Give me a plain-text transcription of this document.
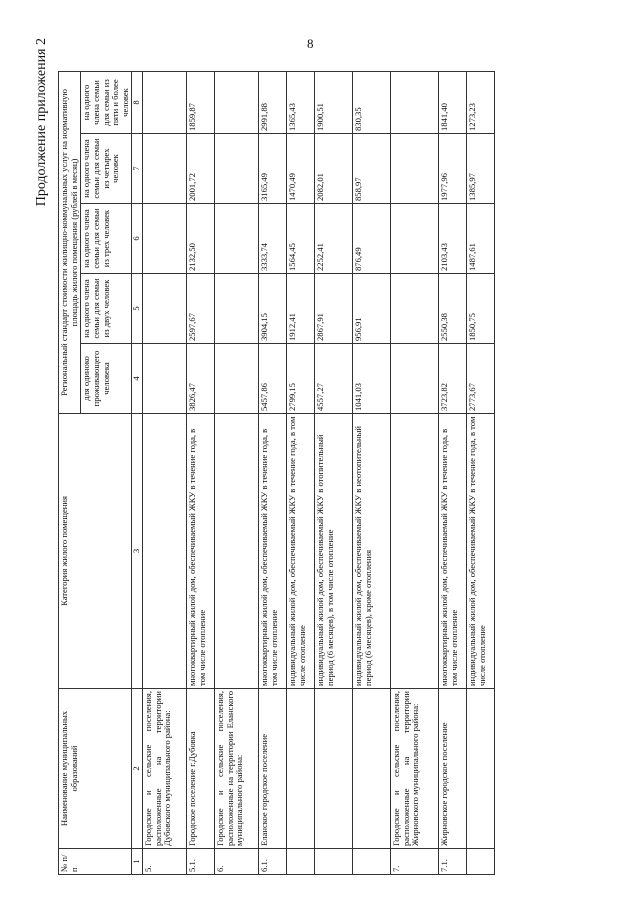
8
Продолжение приложения 2
№ п/п	Наименование муниципальных образований	Категория жилого помещения	Региональный стандарт стоимости жилищно-коммунальных услуг на нормативную площадь жилого помещения (рублей в месяц)				
			для одиноко проживающего человека	на одного члена семьи для семьи из двух человек	на одного члена семьи для семьи из трех человек	на одного члена семьи для семьи из четырех человек	на одного члена семьи для семьи из пяти и более человек
1	2	3	4	5	6	7	8
5.	Городские и сельские поселения, расположенные на территории Дубовского муниципального района:						
5.1.	Городское поселение г.Дубовка	многоквартирный жилой дом, обеспечиваемый ЖКУ в течение года, в том числе отопление	3826,47	2597,67	2132,50	2001,72	1859,87
6.	Городские и сельские поселения, расположенные на территории Еланского муниципального района:						
6.1.	Еланское городское поселение	многоквартирный жилой дом, обеспечиваемый ЖКУ в течение года, в том числе отопление	5457,86	3904,15	3333,74	3165,49	2991,88
		индивидуальный жилой дом, обеспечиваемый ЖКУ в течение года, в том числе отопление	2799,15	1912,41	1564,45	1470,49	1365,43
		индивидуальный жилой дом, обеспечиваемый ЖКУ в отопительный период (6 месяцев), в том числе отопление	4557,27	2867,91	2252,41	2082,01	1900,51
		индивидуальный жилой дом, обеспечиваемый ЖКУ в неотопительный период (6 месяцев), кроме отопления	1041,03	956,91	876,49	858,97	830,35
7.	Городские и сельские поселения, расположенные на территории Жирновского муниципального района:						
7.1.	Жирновское городское поселение	многоквартирный жилой дом, обеспечиваемый ЖКУ в течение года, в том числе отопление	3723,82	2550,38	2103,43	1977,96	1841,40
		индивидуальный жилой дом, обеспечиваемый ЖКУ в течение года, в том числе отопление	2773,67	1850,75	1487,61	1385,97	1273,23
